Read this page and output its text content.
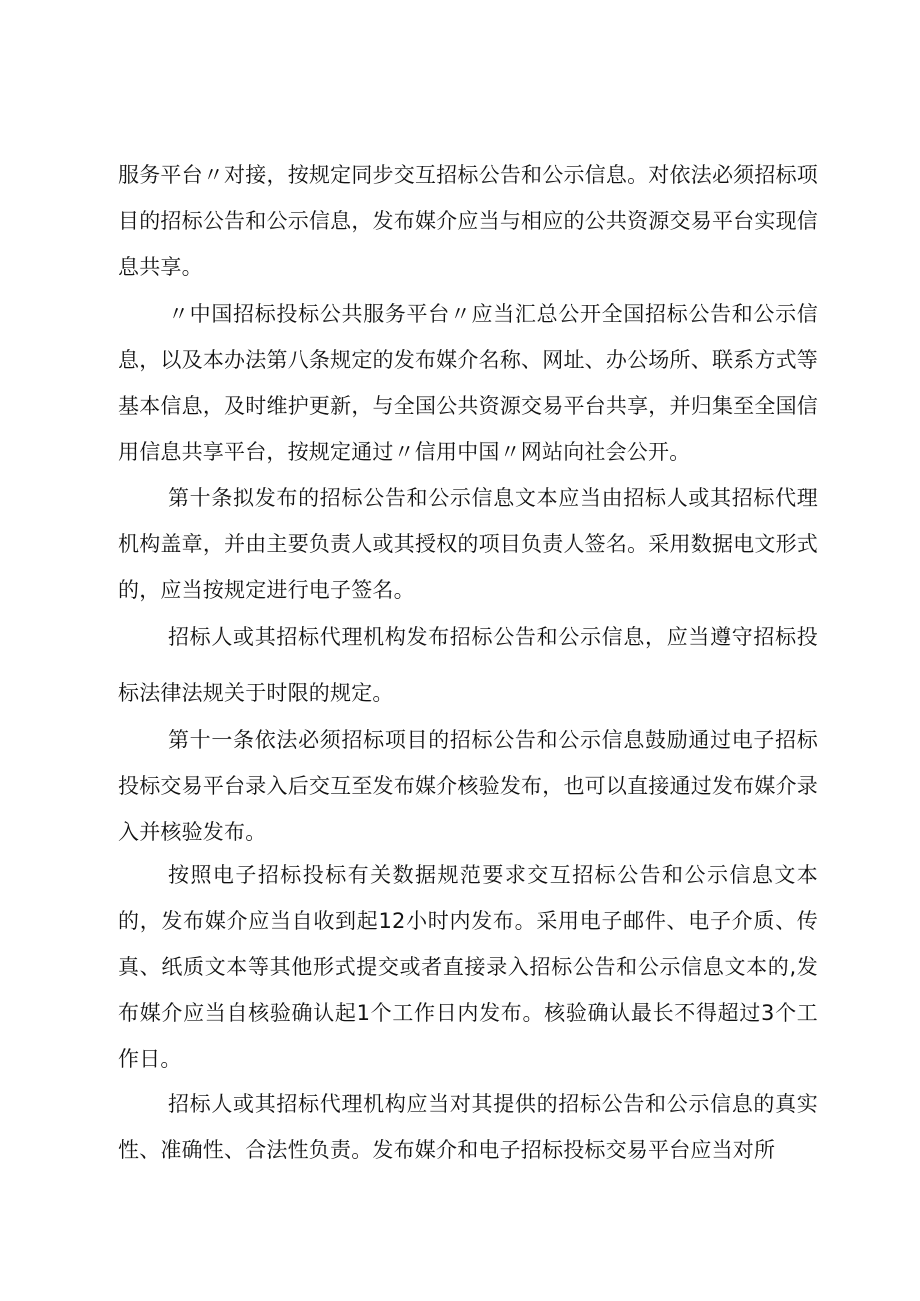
服务平台〃对接，按规定同步交互招标公告和公示信息。对依法必须招标项目的招标公告和公示信息，发布媒介应当与相应的公共资源交易平台实现信息共享。

〃中国招标投标公共服务平台〃应当汇总公开全国招标公告和公示信息，以及本办法第八条规定的发布媒介名称、网址、办公场所、联系方式等基本信息，及时维护更新，与全国公共资源交易平台共享，并归集至全国信用信息共享平台，按规定通过〃信用中国〃网站向社会公开。

第十条拟发布的招标公告和公示信息文本应当由招标人或其招标代理机构盖章，并由主要负责人或其授权的项目负责人签名。采用数据电文形式的，应当按规定进行电子签名。

招标人或其招标代理机构发布招标公告和公示信息，应当遵守招标投标法律法规关于时限的规定。

第十一条依法必须招标项目的招标公告和公示信息鼓励通过电子招标投标交易平台录入后交互至发布媒介核验发布，也可以直接通过发布媒介录入并核验发布。

按照电子招标投标有关数据规范要求交互招标公告和公示信息文本的，发布媒介应当自收到起12小时内发布。采用电子邮件、电子介质、传真、纸质文本等其他形式提交或者直接录入招标公告和公示信息文本的,发布媒介应当自核验确认起1个工作日内发布。核验确认最长不得超过3个工作日。

招标人或其招标代理机构应当对其提供的招标公告和公示信息的真实性、准确性、合法性负责。发布媒介和电子招标投标交易平台应当对所
